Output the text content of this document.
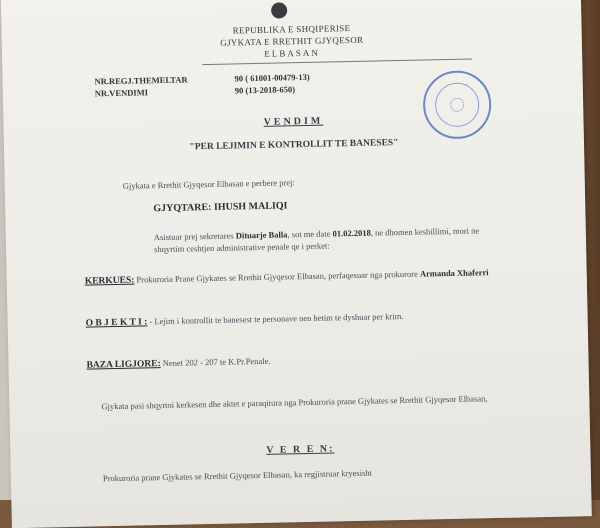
REPUBLIKA E SHQIPERISE
GJYKATA E RRETHIT GJYQESOR
ELBASAN
NR.REGJ.THEMELTAR	90 ( 61001-00479-13)
NR.VENDIMI	90 (13-2018-650)
VENDIM
"PER LEJIMIN E KONTROLLIT TE BANESES"
Gjykata e Rrethit Gjyqesor Elbasan e perbere prej:
GJYQTARE: IHUSH MALIQI
Asistuar prej sekretares Dituarje Balla, sot me date 01.02.2018, ne dhomen keshillimi, mori ne shqyrtim ceshtjen administrative penale qe i perket:
KERKUES: Prokuroria Prane Gjykates se Rrethit Gjyqesor Elbasan, perfaqesuar nga prokurore Armanda Xhaferri
O B J E K T I : - Lejim i kontrollit te banesest te personave nen hetim te dyshuar per krim.
BAZA LIGJORE: Nenet 202 - 207 te K.Pr.Penale.
Gjykata pasi shqyrtoi kerkesen dhe aktet e paraqitura nga Prokuroria prane Gjykates se Rrethit Gjyqesor Elbasan,
V E R E N:
Prokuroria prane Gjykates se Rrethit Gjyqesor Elbasan, ka regjistruar kryesisht
